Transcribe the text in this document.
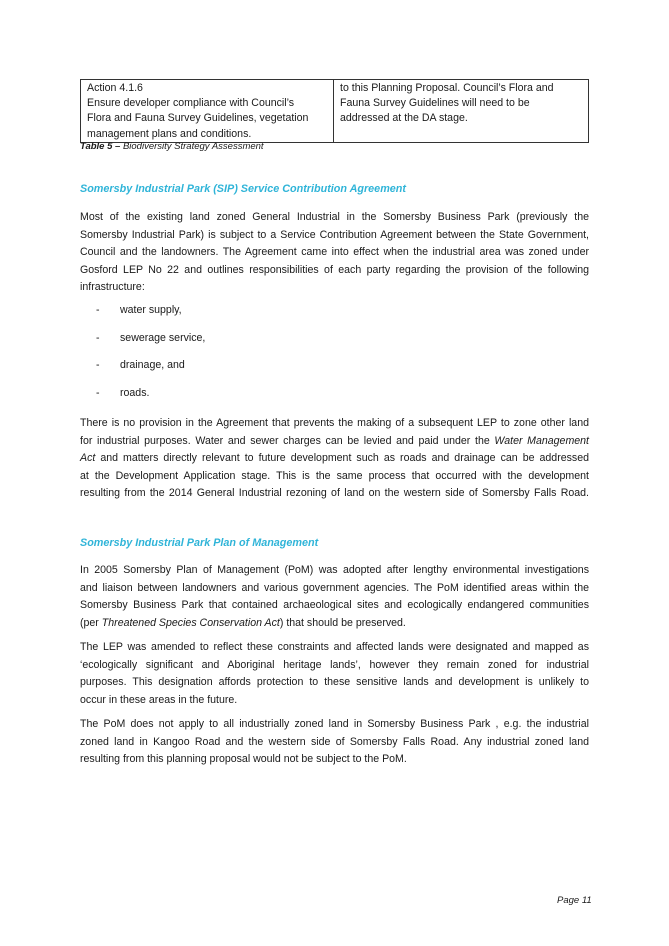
Action 4.1.6
Ensure developer compliance with Council’s
Flora and Fauna Survey Guidelines, vegetation
management plans and conditions.

to this Planning Proposal. Council’s Flora and
Fauna Survey Guidelines will need to be
addressed at the DA stage.
Table 5 – Biodiversity Strategy Assessment
Somersby Industrial Park (SIP) Service Contribution Agreement
Most of the existing land zoned General Industrial in the Somersby Business Park (previously the
Somersby Industrial Park) is subject to a Service Contribution Agreement between the State Government,
Council and the landowners. The Agreement came into effect when the industrial area was zoned under
Gosford LEP No 22 and outlines responsibilities of each party regarding the provision of the following
infrastructure:
- water supply,
- sewerage service,
- drainage, and
- roads.
There is no provision in the Agreement that prevents the making of a subsequent LEP to zone other land
for industrial purposes. Water and sewer charges can be levied and paid under the Water Management
Act and matters directly relevant to future development such as roads and drainage can be addressed
at the Development Application stage. This is the same process that occurred with the development
resulting from the 2014 General Industrial rezoning of land on the western side of Somersby Falls Road.
Somersby Industrial Park Plan of Management
In 2005 Somersby Plan of Management (PoM) was adopted after lengthy environmental investigations
and liaison between landowners and various government agencies. The PoM identified areas within the
Somersby Business Park that contained archaeological sites and ecologically endangered communities
(per Threatened Species Conservation Act) that should be preserved.
The LEP was amended to reflect these constraints and affected lands were designated and mapped as
‘ecologically significant and Aboriginal heritage lands’, however they remain zoned for industrial
purposes. This designation affords protection to these sensitive lands and development is unlikely to
occur in these areas in the future.
The PoM does not apply to all industrially zoned land in Somersby Business Park , e.g. the industrial
zoned land in Kangoo Road and the western side of Somersby Falls Road. Any industrial zoned land
resulting from this planning proposal would not be subject to the PoM.
Page 11
